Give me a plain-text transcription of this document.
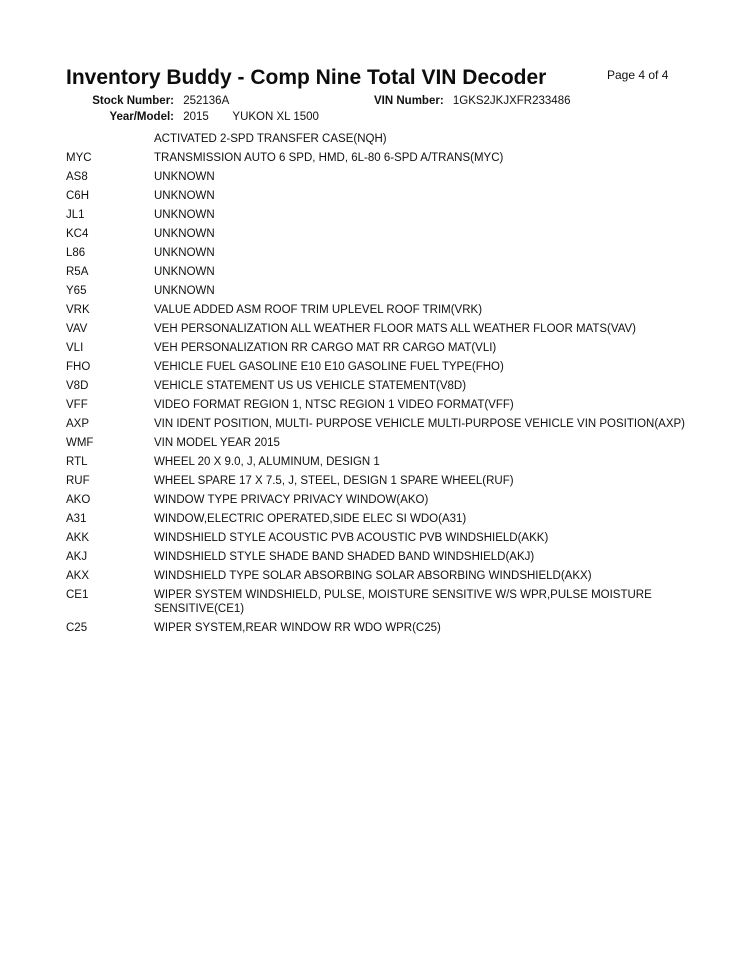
Inventory Buddy - Comp Nine Total VIN Decoder	Page 4 of 4
Stock Number: 252136A	VIN Number: 1GKS2JKJXFR233486
Year/Model: 2015 YUKON XL 1500
ACTIVATED 2-SPD TRANSFER CASE(NQH)
MYC	TRANSMISSION AUTO 6 SPD, HMD, 6L-80 6-SPD A/TRANS(MYC)
AS8	UNKNOWN
C6H	UNKNOWN
JL1	UNKNOWN
KC4	UNKNOWN
L86	UNKNOWN
R5A	UNKNOWN
Y65	UNKNOWN
VRK	VALUE ADDED ASM ROOF TRIM UPLEVEL ROOF TRIM(VRK)
VAV	VEH PERSONALIZATION ALL WEATHER FLOOR MATS ALL WEATHER FLOOR MATS(VAV)
VLI	VEH PERSONALIZATION RR CARGO MAT RR CARGO MAT(VLI)
FHO	VEHICLE FUEL GASOLINE E10 E10 GASOLINE FUEL TYPE(FHO)
V8D	VEHICLE STATEMENT US US VEHICLE STATEMENT(V8D)
VFF	VIDEO FORMAT REGION 1, NTSC REGION 1 VIDEO FORMAT(VFF)
AXP	VIN IDENT POSITION, MULTI- PURPOSE VEHICLE MULTI-PURPOSE VEHICLE VIN POSITION(AXP)
WMF	VIN MODEL YEAR 2015
RTL	WHEEL 20 X 9.0, J, ALUMINUM, DESIGN 1
RUF	WHEEL SPARE 17 X 7.5, J, STEEL, DESIGN 1 SPARE WHEEL(RUF)
AKO	WINDOW TYPE PRIVACY PRIVACY WINDOW(AKO)
A31	WINDOW,ELECTRIC OPERATED,SIDE ELEC SI WDO(A31)
AKK	WINDSHIELD STYLE ACOUSTIC PVB ACOUSTIC PVB WINDSHIELD(AKK)
AKJ	WINDSHIELD STYLE SHADE BAND SHADED BAND WINDSHIELD(AKJ)
AKX	WINDSHIELD TYPE SOLAR ABSORBING SOLAR ABSORBING WINDSHIELD(AKX)
CE1	WIPER SYSTEM WINDSHIELD, PULSE, MOISTURE SENSITIVE W/S WPR,PULSE MOISTURE SENSITIVE(CE1)
C25	WIPER SYSTEM,REAR WINDOW RR WDO WPR(C25)
